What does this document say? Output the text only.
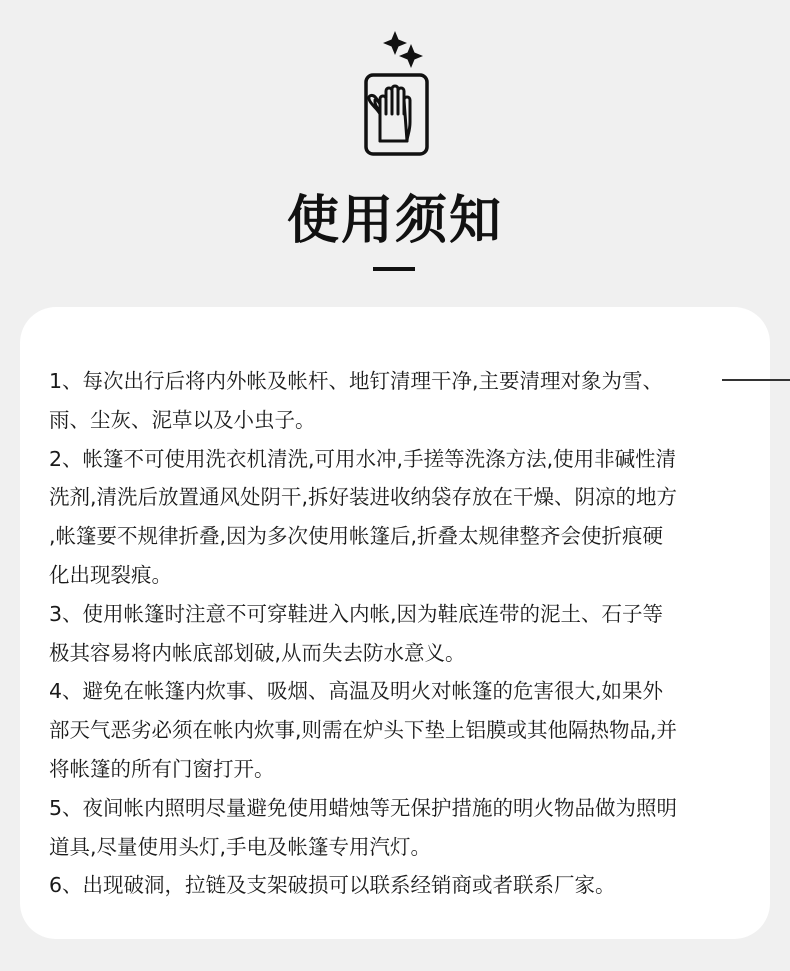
使用须知
1、每次出行后将内外帐及帐杆、地钉清理干净,主要清理对象为雪、
雨、尘灰、泥草以及小虫子。
2、帐篷不可使用洗衣机清洗,可用水冲,手搓等洗涤方法,使用非碱性清
洗剂,清洗后放置通风处阴干,拆好装进收纳袋存放在干燥、阴凉的地方
,帐篷要不规律折叠,因为多次使用帐篷后,折叠太规律整齐会使折痕硬
化出现裂痕。
3、使用帐篷时注意不可穿鞋进入内帐,因为鞋底连带的泥土、石子等
极其容易将内帐底部划破,从而失去防水意义。
4、避免在帐篷内炊事、吸烟、高温及明火对帐篷的危害很大,如果外
部天气恶劣必须在帐内炊事,则需在炉头下垫上铝膜或其他隔热物品,并
将帐篷的所有门窗打开。
5、夜间帐内照明尽量避免使用蜡烛等无保护措施的明火物品做为照明
道具,尽量使用头灯,手电及帐篷专用汽灯。
6、出现破洞，拉链及支架破损可以联系经销商或者联系厂家。
